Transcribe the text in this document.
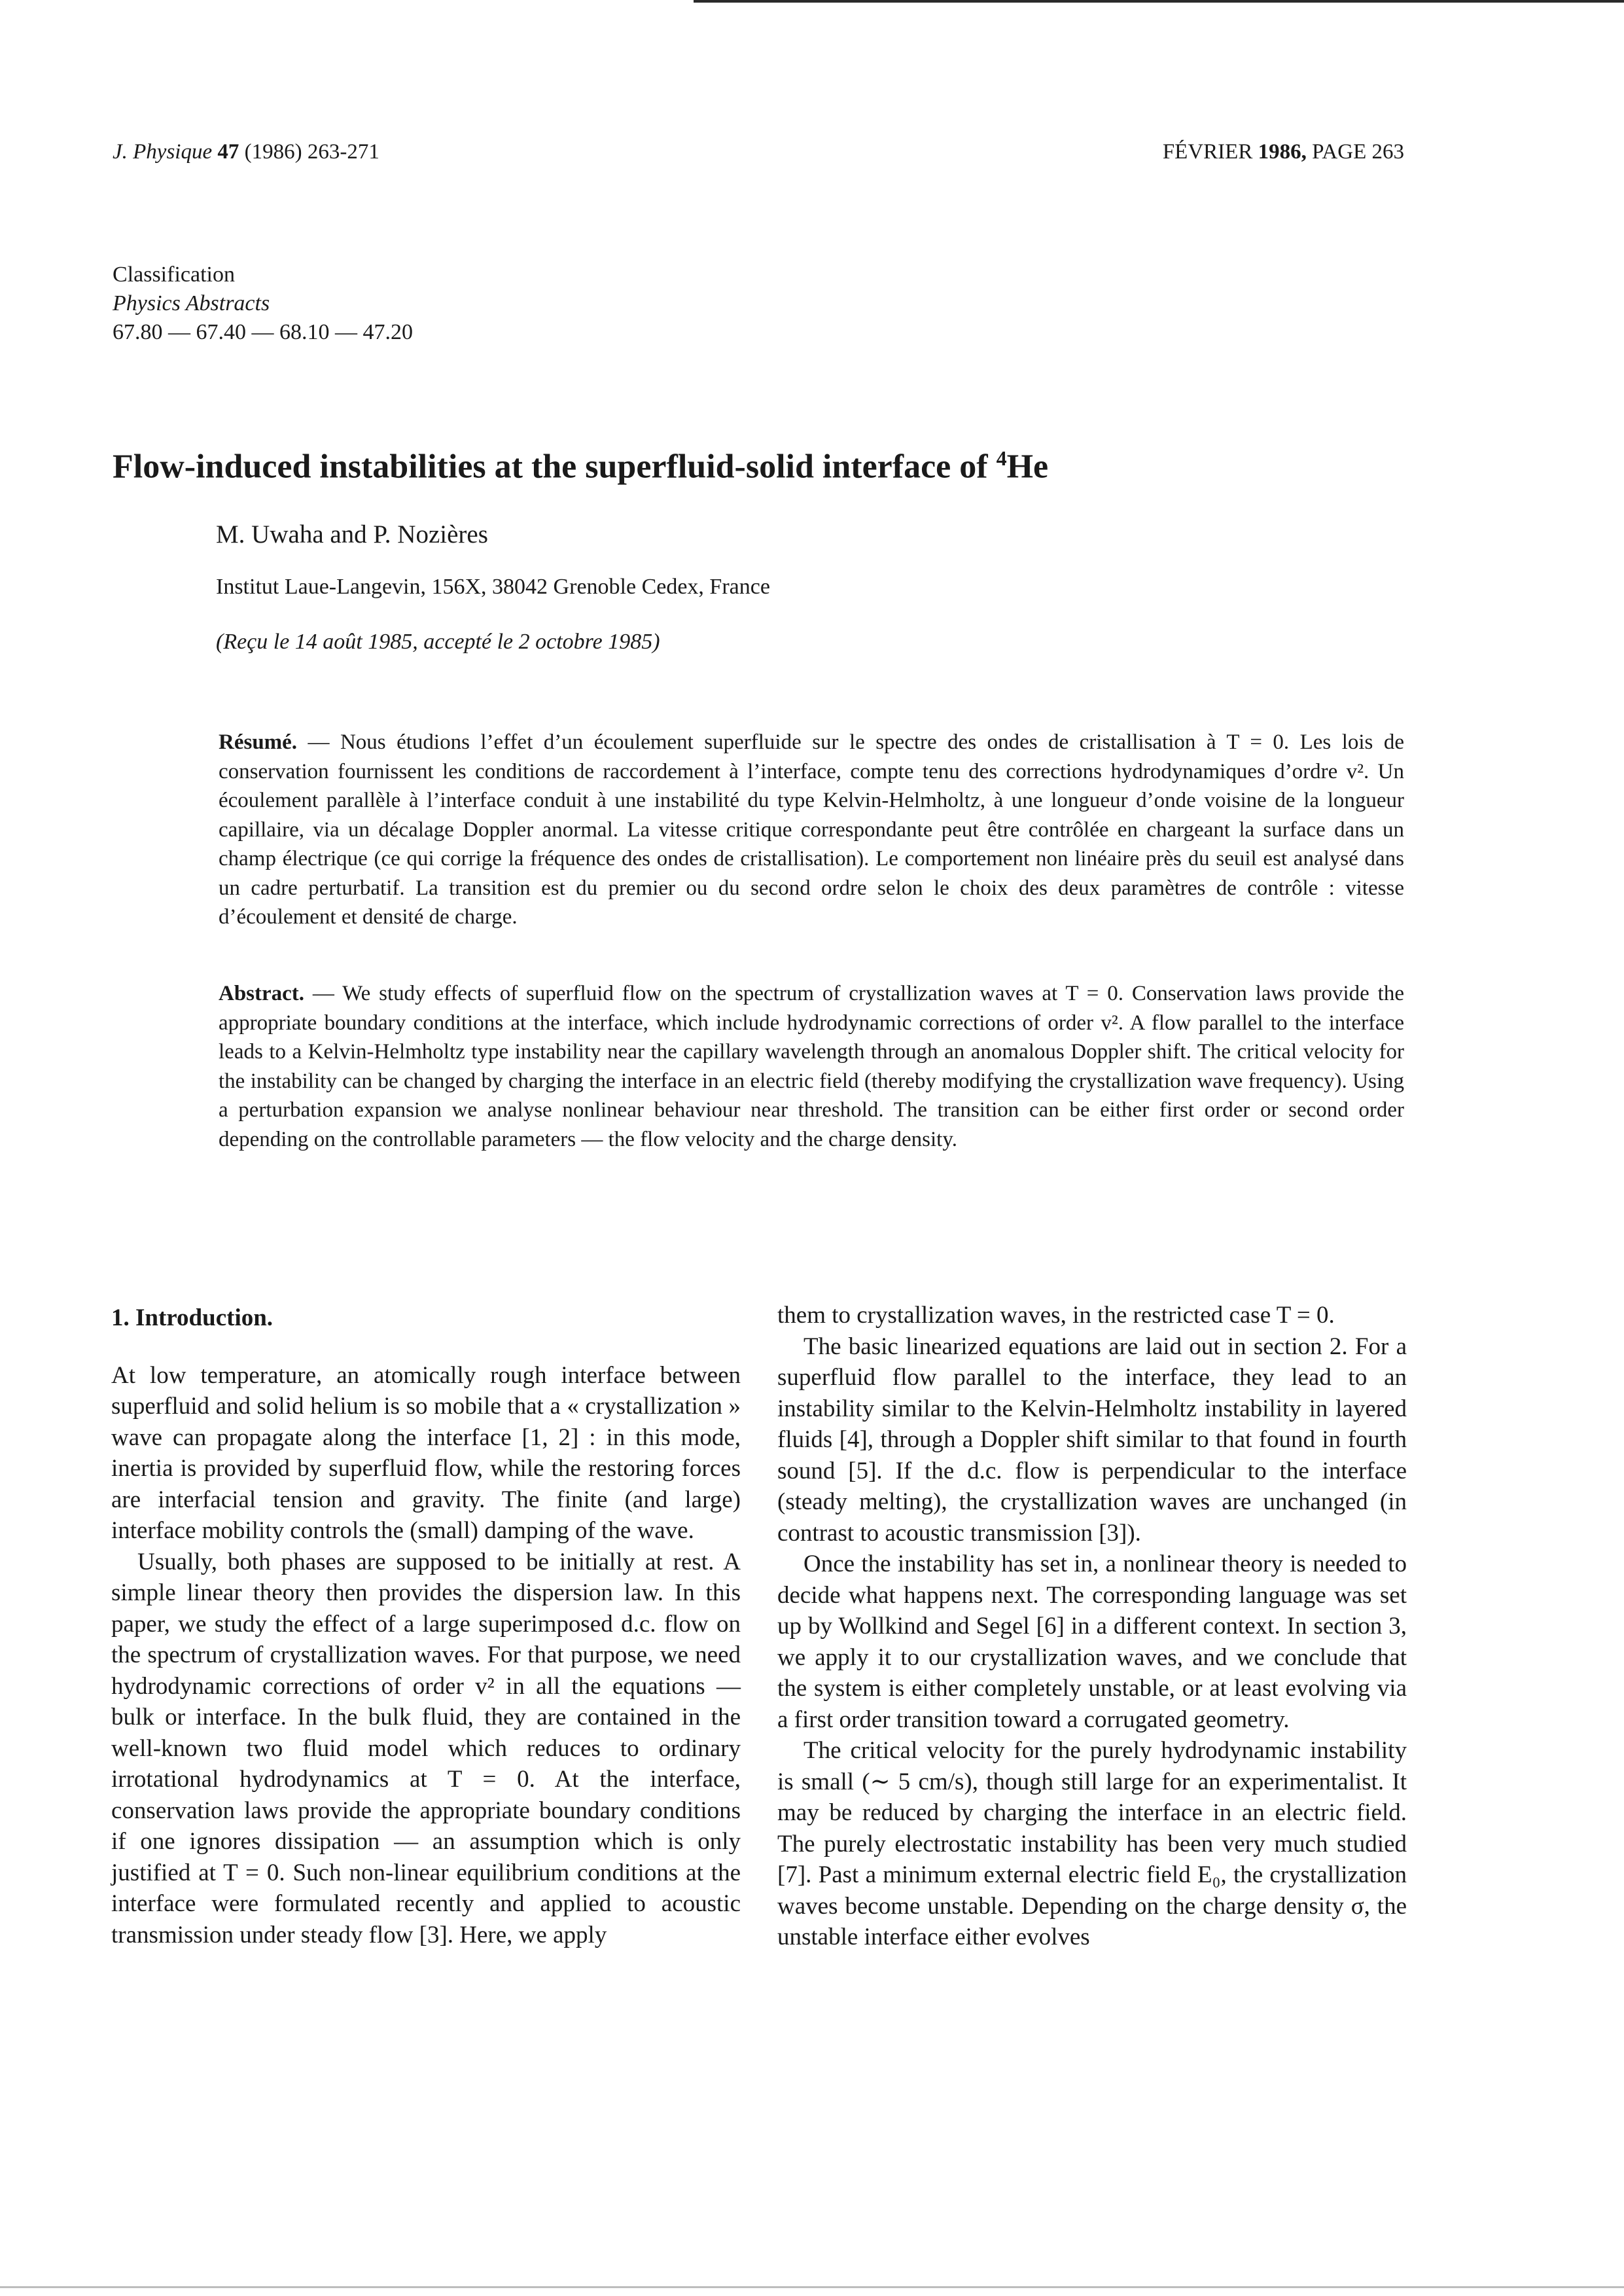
J. Physique 47 (1986) 263-271	FÉVRIER 1986, PAGE 263
Classification
Physics Abstracts
67.80 — 67.40 — 68.10 — 47.20
Flow-induced instabilities at the superfluid-solid interface of $^4$He
M. Uwaha and P. Nozières
Institut Laue-Langevin, 156X, 38042 Grenoble Cedex, France
(Reçu le 14 août 1985, accepté le 2 octobre 1985)
Résumé. — Nous étudions l’effet d’un écoulement superfluide sur le spectre des ondes de cristallisation à T = 0. Les lois de conservation fournissent les conditions de raccordement à l’interface, compte tenu des corrections hydrodynamiques d’ordre v². Un écoulement parallèle à l’interface conduit à une instabilité du type Kelvin-Helmholtz, à une longueur d’onde voisine de la longueur capillaire, via un décalage Doppler anormal. La vitesse critique correspondante peut être contrôlée en chargeant la surface dans un champ électrique (ce qui corrige la fréquence des ondes de cristallisation). Le comportement non linéaire près du seuil est analysé dans un cadre perturbatif. La transition est du premier ou du second ordre selon le choix des deux paramètres de contrôle : vitesse d’écoulement et densité de charge.
Abstract. — We study effects of superfluid flow on the spectrum of crystallization waves at T = 0. Conservation laws provide the appropriate boundary conditions at the interface, which include hydrodynamic corrections of order v². A flow parallel to the interface leads to a Kelvin-Helmholtz type instability near the capillary wavelength through an anomalous Doppler shift. The critical velocity for the instability can be changed by charging the interface in an electric field (thereby modifying the crystallization wave frequency). Using a perturbation expansion we analyse nonlinear behaviour near threshold. The transition can be either first order or second order depending on the controllable parameters — the flow velocity and the charge density.

1. Introduction.

At low temperature, an atomically rough interface between superfluid and solid helium is so mobile that a « crystallization » wave can propagate along the interface [1, 2] : in this mode, inertia is provided by superfluid flow, while the restoring forces are interfacial tension and gravity. The finite (and large) interface mobility controls the (small) damping of the wave.

Usually, both phases are supposed to be initially at rest. A simple linear theory then provides the dispersion law. In this paper, we study the effect of a large superimposed d.c. flow on the spectrum of crystallization waves. For that purpose, we need hydrodynamic corrections of order v² in all the equations — bulk or interface. In the bulk fluid, they are contained in the well-known two fluid model which reduces to ordinary irrotational hydrodynamics at T = 0. At the interface, conservation laws provide the appropriate boundary conditions if one ignores dissipation — an assumption which is only justified at T = 0. Such non-linear equilibrium conditions at the interface were formulated recently and applied to acoustic transmission under steady flow [3]. Here, we apply

them to crystallization waves, in the restricted case T = 0.

The basic linearized equations are laid out in section 2. For a superfluid flow parallel to the interface, they lead to an instability similar to the Kelvin-Helmholtz instability in layered fluids [4], through a Doppler shift similar to that found in fourth sound [5]. If the d.c. flow is perpendicular to the interface (steady melting), the crystallization waves are unchanged (in contrast to acoustic transmission [3]).

Once the instability has set in, a nonlinear theory is needed to decide what happens next. The corresponding language was set up by Wollkind and Segel [6] in a different context. In section 3, we apply it to our crystallization waves, and we conclude that the system is either completely unstable, or at least evolving via a first order transition toward a corrugated geometry.

The critical velocity for the purely hydrodynamic instability is small (∼ 5 cm/s), though still large for an experimentalist. It may be reduced by charging the interface in an electric field. The purely electrostatic instability has been very much studied [7]. Past a minimum external electric field E₀, the crystallization waves become unstable. Depending on the charge density σ, the unstable interface either evolves
